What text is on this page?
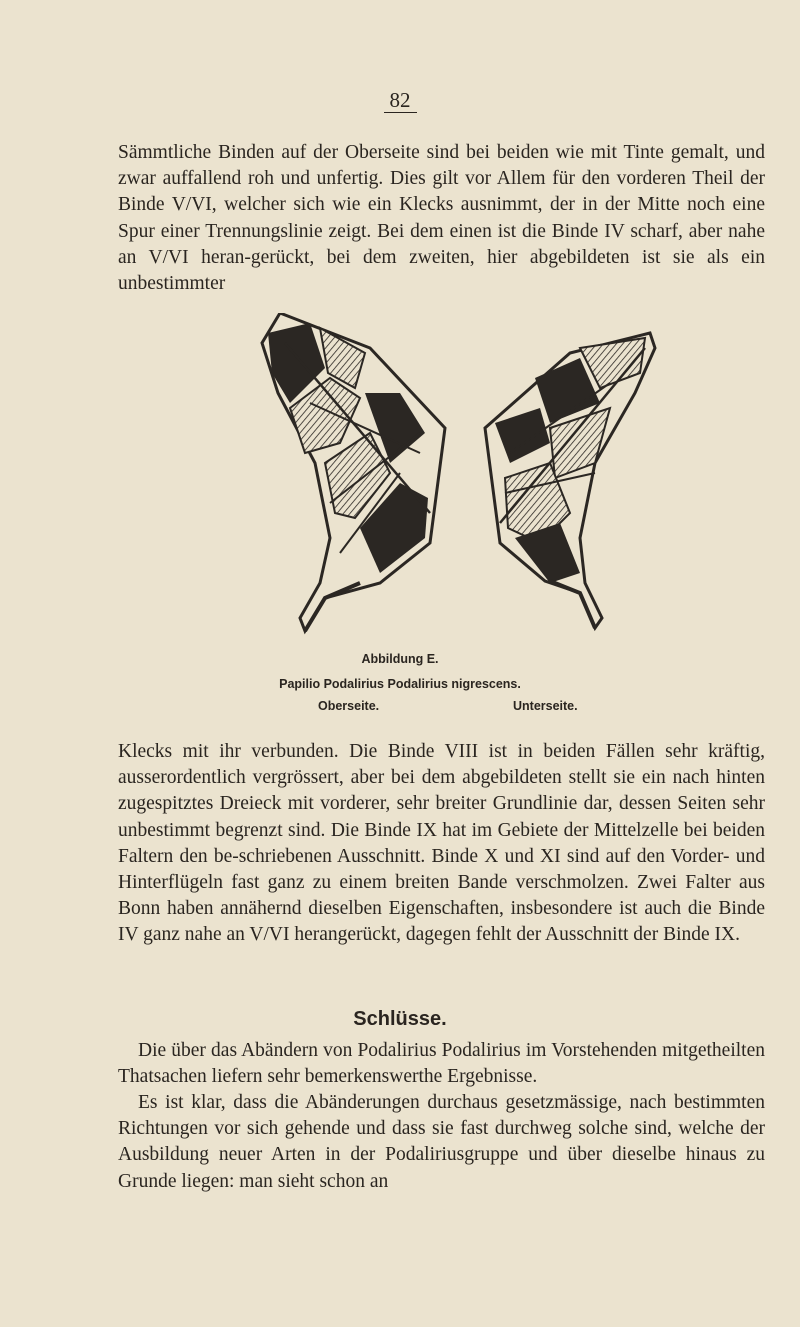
82

Sämmtliche Binden auf der Oberseite sind bei beiden wie mit Tinte gemalt, und zwar auffallend roh und unfertig. Dies gilt vor Allem für den vorderen Theil der Binde V/VI, welcher sich wie ein Klecks ausnimmt, der in der Mitte noch eine Spur einer Trennungslinie zeigt. Bei dem einen ist die Binde IV scharf, aber nahe an V/VI heran-gerückt, bei dem zweiten, hier abgebildeten ist sie als ein unbestimmter

Abbildung E.
Papilio Podalirius Podalirius nigrescens.
Oberseite.	Unterseite.

Klecks mit ihr verbunden. Die Binde VIII ist in beiden Fällen sehr kräftig, ausserordentlich vergrössert, aber bei dem abgebildeten stellt sie ein nach hinten zugespitztes Dreieck mit vorderer, sehr breiter Grundlinie dar, dessen Seiten sehr unbestimmt begrenzt sind. Die Binde IX hat im Gebiete der Mittelzelle bei beiden Faltern den be-schriebenen Ausschnitt. Binde X und XI sind auf den Vorder- und Hinterflügeln fast ganz zu einem breiten Bande verschmolzen. Zwei Falter aus Bonn haben annähernd dieselben Eigenschaften, insbesondere ist auch die Binde IV ganz nahe an V/VI herangerückt, dagegen fehlt der Ausschnitt der Binde IX.

Schlüsse.

Die über das Abändern von Podalirius Podalirius im Vorstehenden mitgetheilten Thatsachen liefern sehr bemerkenswerthe Ergebnisse.

Es ist klar, dass die Abänderungen durchaus gesetzmässige, nach bestimmten Richtungen vor sich gehende und dass sie fast durchweg solche sind, welche der Ausbildung neuer Arten in der Podaliriusgruppe und über dieselbe hinaus zu Grunde liegen: man sieht schon an
